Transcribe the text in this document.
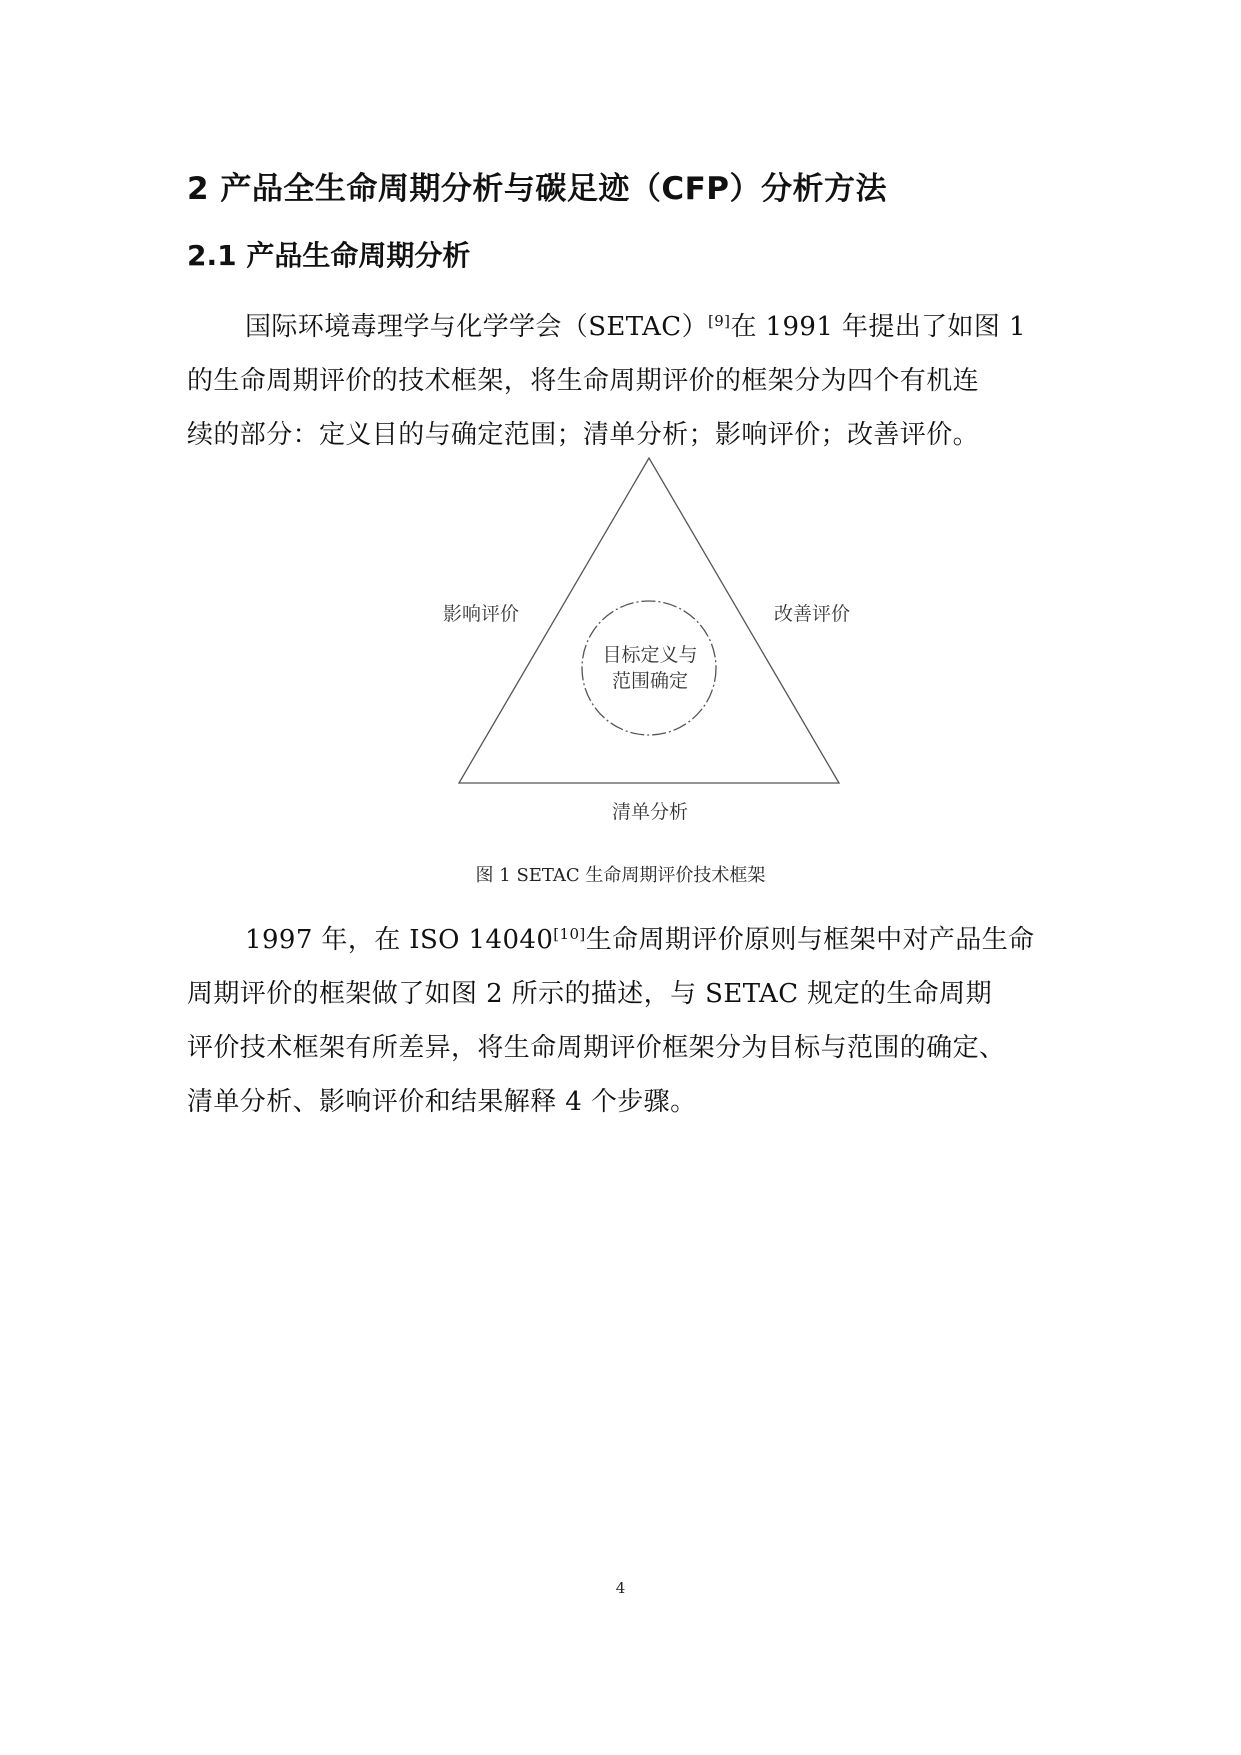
2 产品全生命周期分析与碳足迹（CFP）分析方法
2.1 产品生命周期分析

国际环境毒理学与化学学会（SETAC）[9]在 1991 年提出了如图 1
的生命周期评价的技术框架，将生命周期评价的框架分为四个有机连
续的部分：定义目的与确定范围；清单分析；影响评价；改善评价。

影响评价	改善评价
清单分析
目标定义与
范围确定
图 1 SETAC 生命周期评价技术框架

1997 年，在 ISO 14040[10]生命周期评价原则与框架中对产品生命
周期评价的框架做了如图 2 所示的描述，与 SETAC 规定的生命周期
评价技术框架有所差异，将生命周期评价框架分为目标与范围的确定、
清单分析、影响评价和结果解释 4 个步骤。

4
